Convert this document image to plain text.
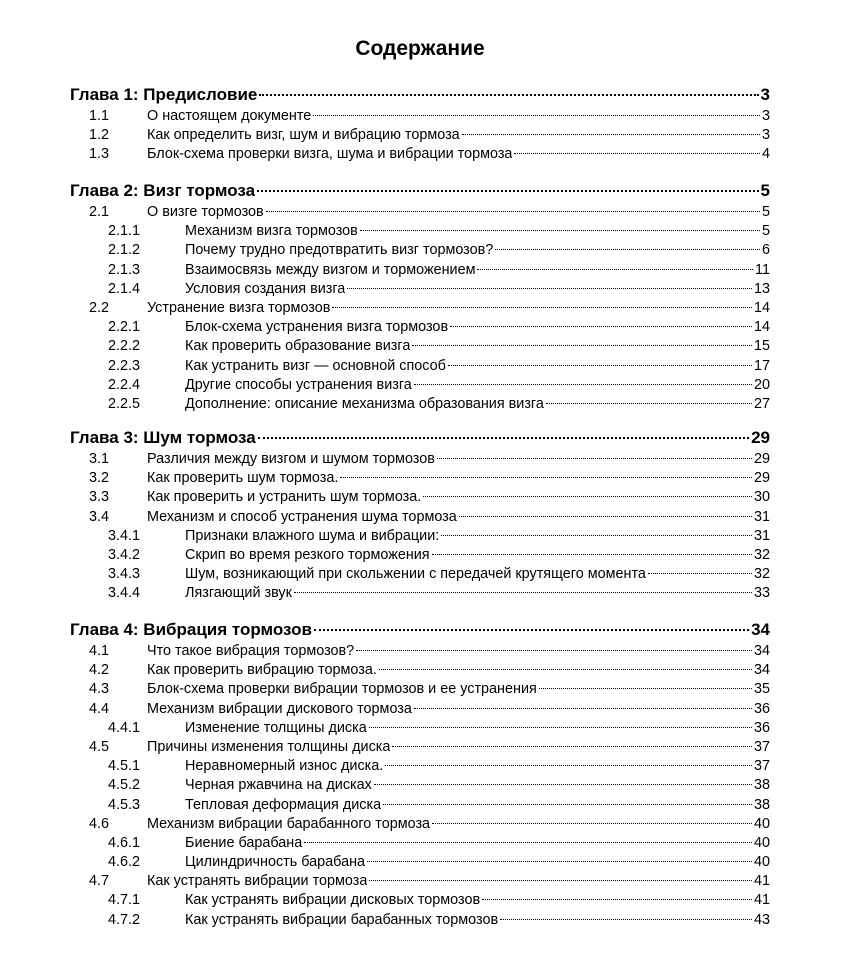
Содержание
Глава 1: Предисловие	3
1.1	О настоящем документе	3
1.2	Как определить визг, шум и вибрацию тормоза	3
1.3	Блок-схема проверки визга, шума и вибрации тормоза	4
Глава 2: Визг тормоза	5
2.1	О визге тормозов	5
2.1.1	Механизм визга тормозов	5
2.1.2	Почему трудно предотвратить визг тормозов?	6
2.1.3	Взаимосвязь между визгом и торможением	11
2.1.4	Условия создания визга	13
2.2	Устранение визга тормозов	14
2.2.1	Блок-схема устранения визга тормозов	14
2.2.2	Как проверить образование визга	15
2.2.3	Как устранить визг — основной способ	17
2.2.4	Другие способы устранения визга	20
2.2.5	Дополнение: описание механизма образования визга	27
Глава 3: Шум тормоза	29
3.1	Различия между визгом и шумом тормозов	29
3.2	Как проверить шум тормоза.	29
3.3	Как проверить и устранить шум тормоза.	30
3.4	Механизм и способ устранения шума тормоза	31
3.4.1	Признаки влажного шума и вибрации:	31
3.4.2	Скрип во время резкого торможения	32
3.4.3	Шум, возникающий при скольжении с передачей крутящего момента	32
3.4.4	Лязгающий звук	33
Глава 4: Вибрация тормозов	34
4.1	Что такое вибрация тормозов?	34
4.2	Как проверить вибрацию тормоза.	34
4.3	Блок-схема проверки вибрации тормозов и ее устранения	35
4.4	Механизм вибрации дискового тормоза	36
4.4.1	Изменение толщины диска	36
4.5	Причины изменения толщины диска	37
4.5.1	Неравномерный износ диска.	37
4.5.2	Черная ржавчина на дисках	38
4.5.3	Тепловая деформация диска	38
4.6	Механизм вибрации барабанного тормоза	40
4.6.1	Биение барабана	40
4.6.2	Цилиндричность барабана	40
4.7	Как устранять вибрации тормоза	41
4.7.1	Как устранять вибрации дисковых тормозов	41
4.7.2	Как устранять вибрации барабанных тормозов	43
